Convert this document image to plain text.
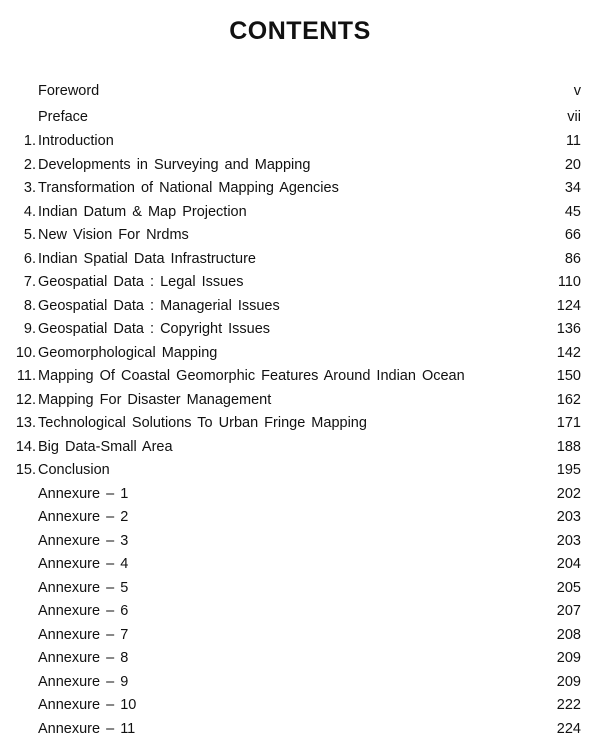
CONTENTS
Foreword	v
Preface	vii
1. Introduction	11
2. Developments in Surveying and Mapping	20
3. Transformation of National Mapping Agencies	34
4. Indian Datum & Map Projection	45
5. New Vision For Nrdms	66
6. Indian Spatial Data Infrastructure	86
7. Geospatial Data : Legal Issues	110
8. Geospatial Data : Managerial Issues	124
9. Geospatial Data : Copyright Issues	136
10. Geomorphological Mapping	142
11. Mapping Of Coastal Geomorphic Features Around Indian Ocean	150
12. Mapping For Disaster Management	162
13. Technological Solutions To Urban Fringe Mapping	171
14. Big Data-Small Area	188
15. Conclusion	195
Annexure – 1	202
Annexure – 2	203
Annexure – 3	203
Annexure – 4	204
Annexure – 5	205
Annexure – 6	207
Annexure – 7	208
Annexure – 8	209
Annexure – 9	209
Annexure – 10	222
Annexure – 11	224
